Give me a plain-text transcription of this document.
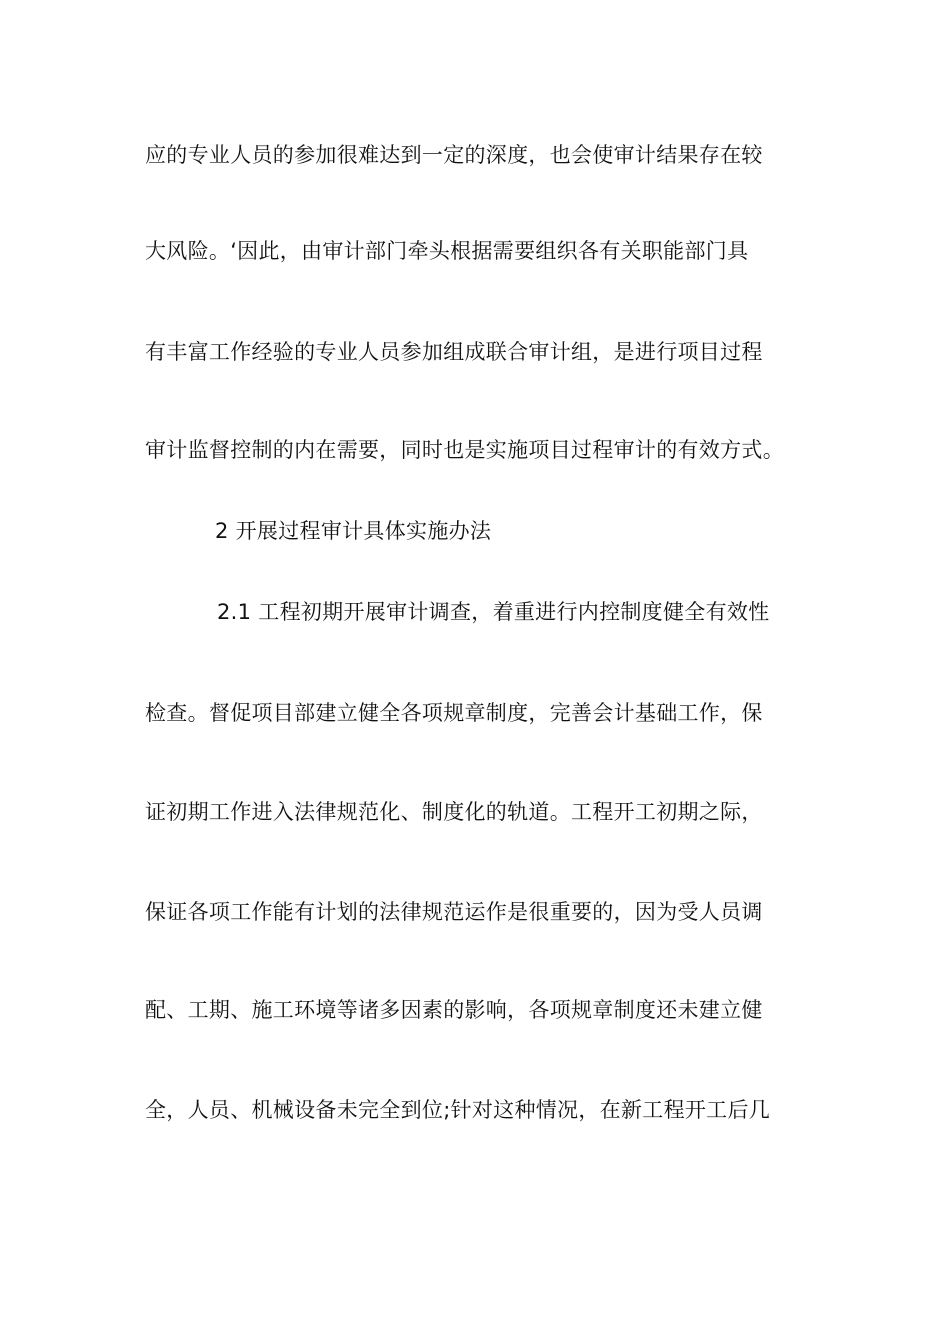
应的专业人员的参加很难达到一定的深度，也会使审计结果存在较
大风险。‘因此，由审计部门牵头根据需要组织各有关职能部门具
有丰富工作经验的专业人员参加组成联合审计组，是进行项目过程
审计监督控制的内在需要，同时也是实施项目过程审计的有效方式。
2 开展过程审计具体实施办法
2.1 工程初期开展审计调查，着重进行内控制度健全有效性
检查。督促项目部建立健全各项规章制度，完善会计基础工作，保
证初期工作进入法律规范化、制度化的轨道。工程开工初期之际，
保证各项工作能有计划的法律规范运作是很重要的，因为受人员调
配、工期、施工环境等诸多因素的影响，各项规章制度还未建立健
全，人员、机械设备未完全到位;针对这种情况，在新工程开工后几
